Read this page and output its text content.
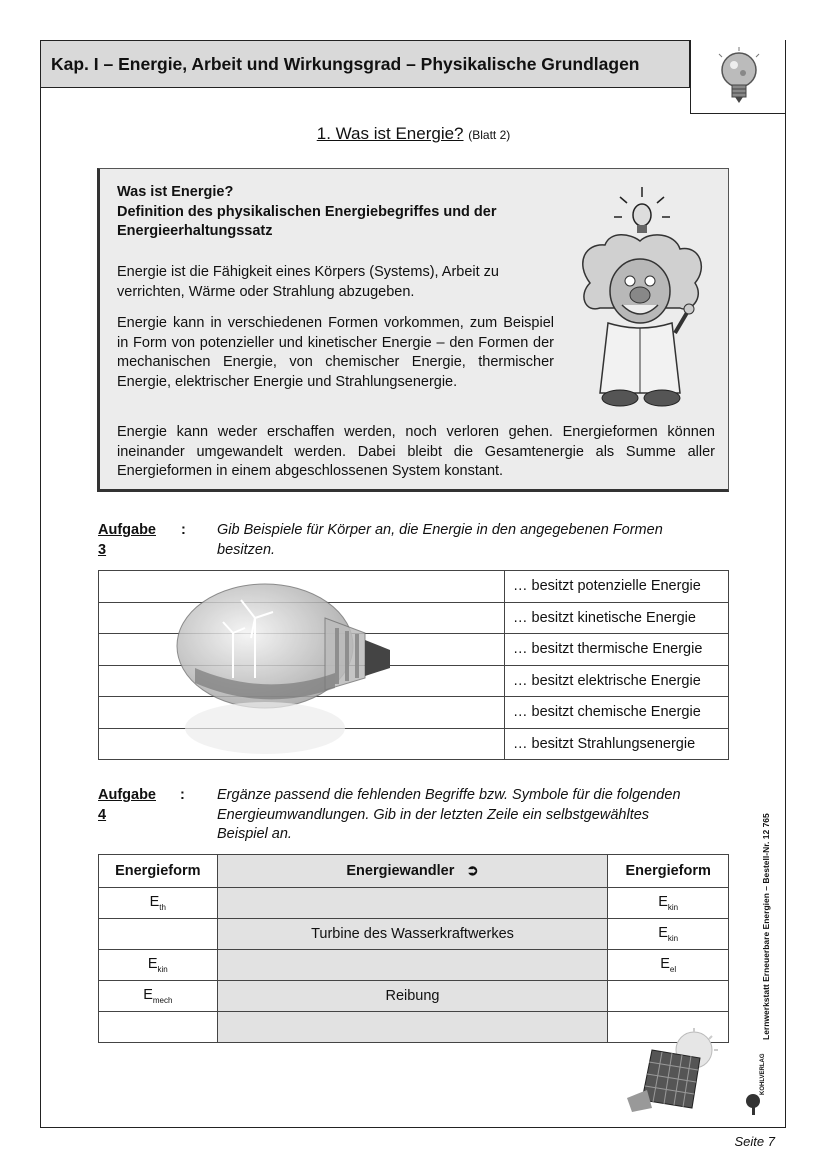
Kap. I – Energie, Arbeit und Wirkungsgrad – Physikalische Grundlagen
1. Was ist Energie? (Blatt 2)
Was ist Energie?
Definition des physikalischen Energiebegriffes und der Energieerhaltungssatz

Energie ist die Fähigkeit eines Körpers (Systems), Arbeit zu verrichten, Wärme oder Strahlung abzugeben.

Energie kann in verschiedenen Formen vorkommen, zum Beispiel in Form von potenzieller und kinetischer Energie – den Formen der mechanischen Energie, von chemischer Energie, thermischer Energie, elektrischer Energie und Strahlungsenergie.

Energie kann weder erschaffen werden, noch verloren gehen. Energieformen können ineinander umgewandelt werden. Dabei bleibt die Gesamtenergie als Summe aller Energieformen in einem abgeschlossenen System konstant.

Aufgabe 3
: Gib Beispiele für Körper an, die Energie in den angegebenen Formen besitzen.
	… besitzt potenzielle Energie
	… besitzt kinetische Energie
	… besitzt thermische Energie
	… besitzt elektrische Energie
	… besitzt chemische Energie
	… besitzt Strahlungsenergie
Aufgabe 4
: Ergänze passend die fehlenden Begriffe bzw. Symbole für die folgenden Energieumwandlungen. Gib in der letzten Zeile ein selbstgewähltes Beispiel an.
Energieform	Energiewandler ➲	Energieform
$E_{th}$		$E_{kin}$
	Turbine des Wasserkraftwerkes	$E_{kin}$
$E_{kin}$		$E_{el}$
$E_{mech}$	Reibung	
			Lernwerkstatt Erneuerbare Energien – Bestell-Nr. 12 765
KOHLVERLAG
Seite 7
